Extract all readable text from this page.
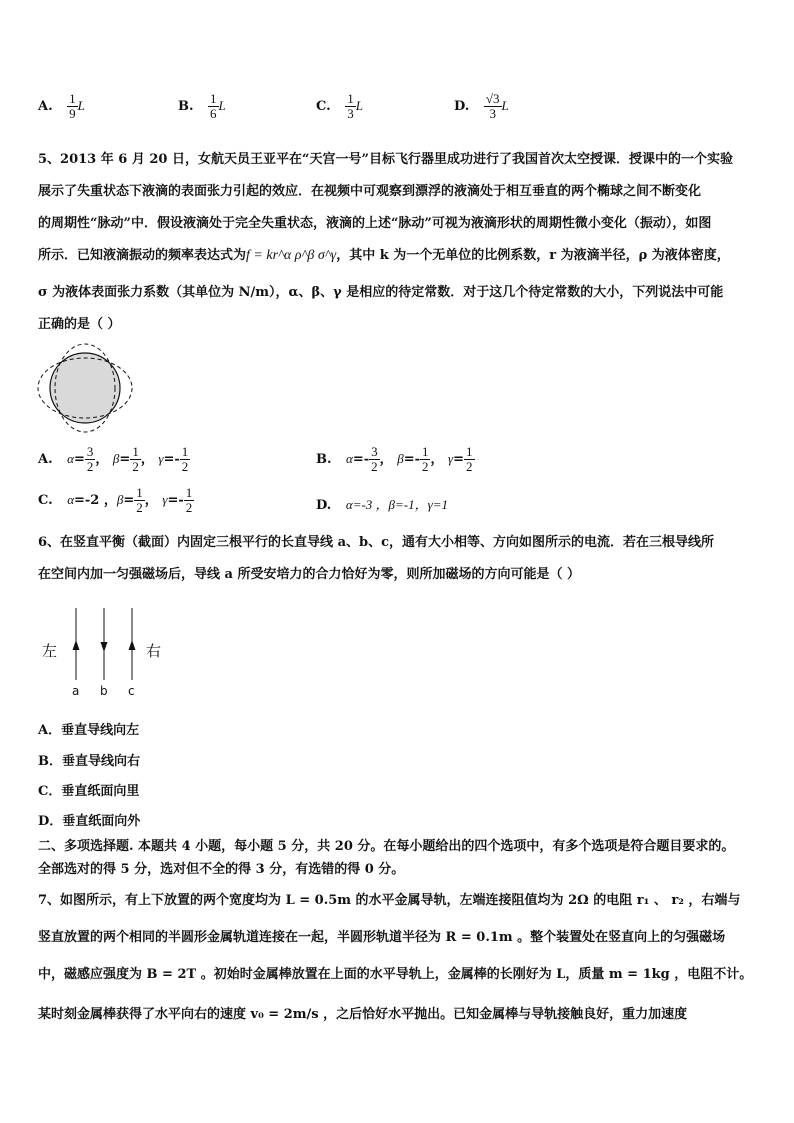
A. $\frac{1}{9}$ L	B. $\frac{1}{6}$ L	C. $\frac{1}{3}$ L	D. $\frac{√3}{3}$ L
5、2013 年 6 月 20 日，女航天员王亚平在“天宫一号”目标飞行器里成功进行了我国首次太空授课．授课中的一个实验
展示了失重状态下液滴的表面张力引起的效应．在视频中可观察到漂浮的液滴处于相互垂直的两个椭球之间不断变化
的周期性“脉动”中．假设液滴处于完全失重状态，液滴的上述“脉动”可视为液滴形状的周期性微小变化（振动），如图
所示．已知液滴振动的频率表达式为f = kr^α ρ^β σ^γ，其中 k 为一个无单位的比例系数，r 为液滴半径，ρ 为液体密度，
σ 为液体表面张力系数（其单位为 N/m），α、β、γ 是相应的待定常数．对于这几个待定常数的大小，下列说法中可能
正确的是（ ）
A. $\alpha= \frac{3}{2}$ ， $\beta= \frac{1}{2}$ ， $\gamma=- \frac{1}{2}$	B. $\alpha=- \frac{3}{2}$ ， $\beta=- \frac{1}{2}$ ， $\gamma= \frac{1}{2}$
C. α=-2 ，$\beta= \frac{1}{2}$ ， $\gamma=- \frac{1}{2}$	D. α=-3 ，β=-1，γ=1
6、在竖直平衡（截面）内固定三根平行的长直导线 a、b、c，通有大小相等、方向如图所示的电流．若在三根导线所
在空间内加一匀强磁场后，导线 a 所受安培力的合力恰好为零，则所加磁场的方向可能是（ ）
左	右
a b c
A．垂直导线向左
B．垂直导线向右
C．垂直纸面向里
D．垂直纸面向外
二、多项选择题. 本题共 4 小题，每小题 5 分，共 20 分。在每小题给出的四个选项中，有多个选项是符合题目要求的。
全部选对的得 5 分，选对但不全的得 3 分，有选错的得 0 分。
7、如图所示，有上下放置的两个宽度均为 L = 0.5m 的水平金属导轨，左端连接阻值均为 2Ω 的电阻 r₁ 、 r₂ ，右端与
竖直放置的两个相同的半圆形金属轨道连接在一起，半圆形轨道半径为 R = 0.1m 。整个装置处在竖直向上的匀强磁场
中，磁感应强度为 B = 2T 。初始时金属棒放置在上面的水平导轨上，金属棒的长刚好为 L，质量 m = 1kg ，电阻不计。
某时刻金属棒获得了水平向右的速度 v₀ = 2m/s ，之后恰好水平抛出。已知金属棒与导轨接触良好，重力加速度
